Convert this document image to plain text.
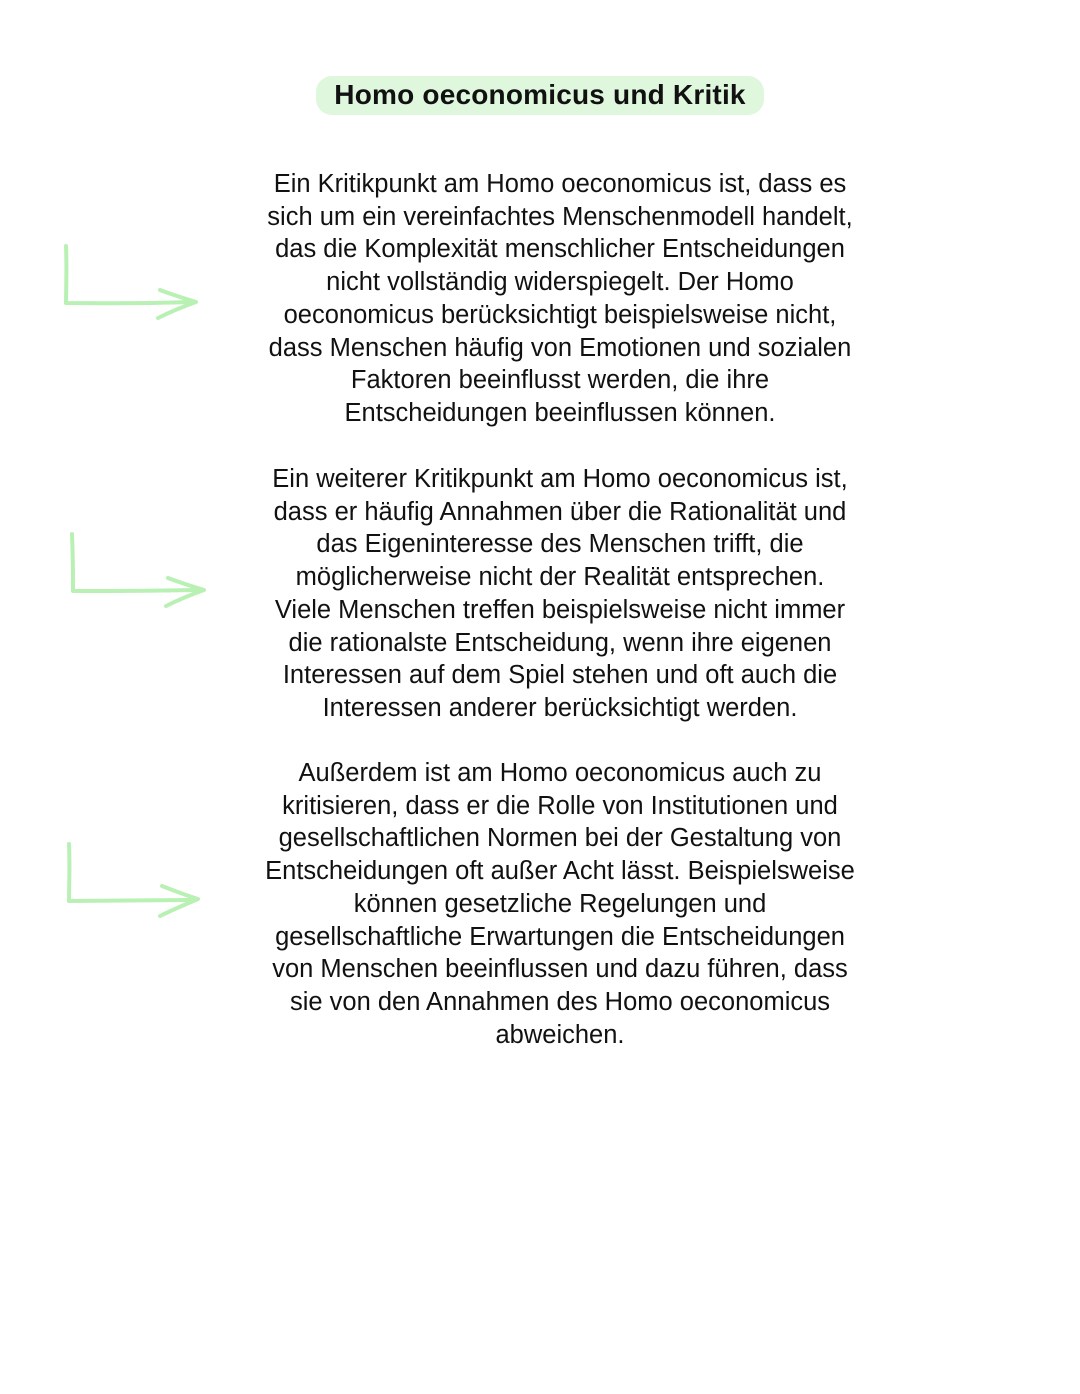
Homo oeconomicus und Kritik

Ein Kritikpunkt am Homo oeconomicus ist, dass es
sich um ein vereinfachtes Menschenmodell handelt,
das die Komplexität menschlicher Entscheidungen
nicht vollständig widerspiegelt. Der Homo
oeconomicus berücksichtigt beispielsweise nicht,
dass Menschen häufig von Emotionen und sozialen
Faktoren beeinflusst werden, die ihre
Entscheidungen beeinflussen können.

Ein weiterer Kritikpunkt am Homo oeconomicus ist,
dass er häufig Annahmen über die Rationalität und
das Eigeninteresse des Menschen trifft, die
möglicherweise nicht der Realität entsprechen.
Viele Menschen treffen beispielsweise nicht immer
die rationalste Entscheidung, wenn ihre eigenen
Interessen auf dem Spiel stehen und oft auch die
Interessen anderer berücksichtigt werden.

Außerdem ist am Homo oeconomicus auch zu
kritisieren, dass er die Rolle von Institutionen und
gesellschaftlichen Normen bei der Gestaltung von
Entscheidungen oft außer Acht lässt. Beispielsweise
können gesetzliche Regelungen und
gesellschaftliche Erwartungen die Entscheidungen
von Menschen beeinflussen und dazu führen, dass
sie von den Annahmen des Homo oeconomicus
abweichen.
